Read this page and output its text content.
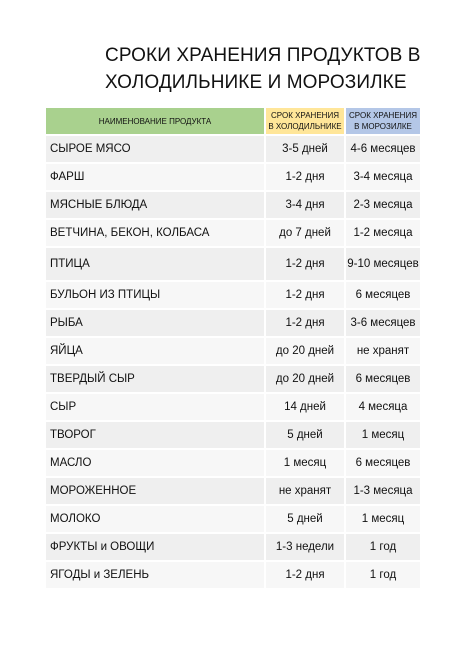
СРОКИ ХРАНЕНИЯ ПРОДУКТОВ В
ХОЛОДИЛЬНИКЕ И МОРОЗИЛКЕ
НАИМЕНОВАНИЕ ПРОДУКТА	СРОК ХРАНЕНИЯ В ХОЛОДИЛЬНИКЕ	СРОК ХРАНЕНИЯ В МОРОЗИЛКЕ
СЫРОЕ МЯСО	3-5 дней	4-6 месяцев
ФАРШ	1-2 дня	3-4 месяца
МЯСНЫЕ БЛЮДА	3-4 дня	2-3 месяца
ВЕТЧИНА, БЕКОН, КОЛБАСА	до 7 дней	1-2 месяца
ПТИЦА	1-2 дня	9-10 месяцев
БУЛЬОН ИЗ ПТИЦЫ	1-2 дня	6 месяцев
РЫБА	1-2 дня	3-6 месяцев
ЯЙЦА	до 20 дней	не хранят
ТВЕРДЫЙ СЫР	до 20 дней	6 месяцев
СЫР	14 дней	4 месяца
ТВОРОГ	5 дней	1 месяц
МАСЛО	1 месяц	6 месяцев
МОРОЖЕННОЕ	не хранят	1-3 месяца
МОЛОКО	5 дней	1 месяц
ФРУКТЫ и ОВОЩИ	1-3 недели	1 год
ЯГОДЫ и ЗЕЛЕНЬ	1-2 дня	1 год
